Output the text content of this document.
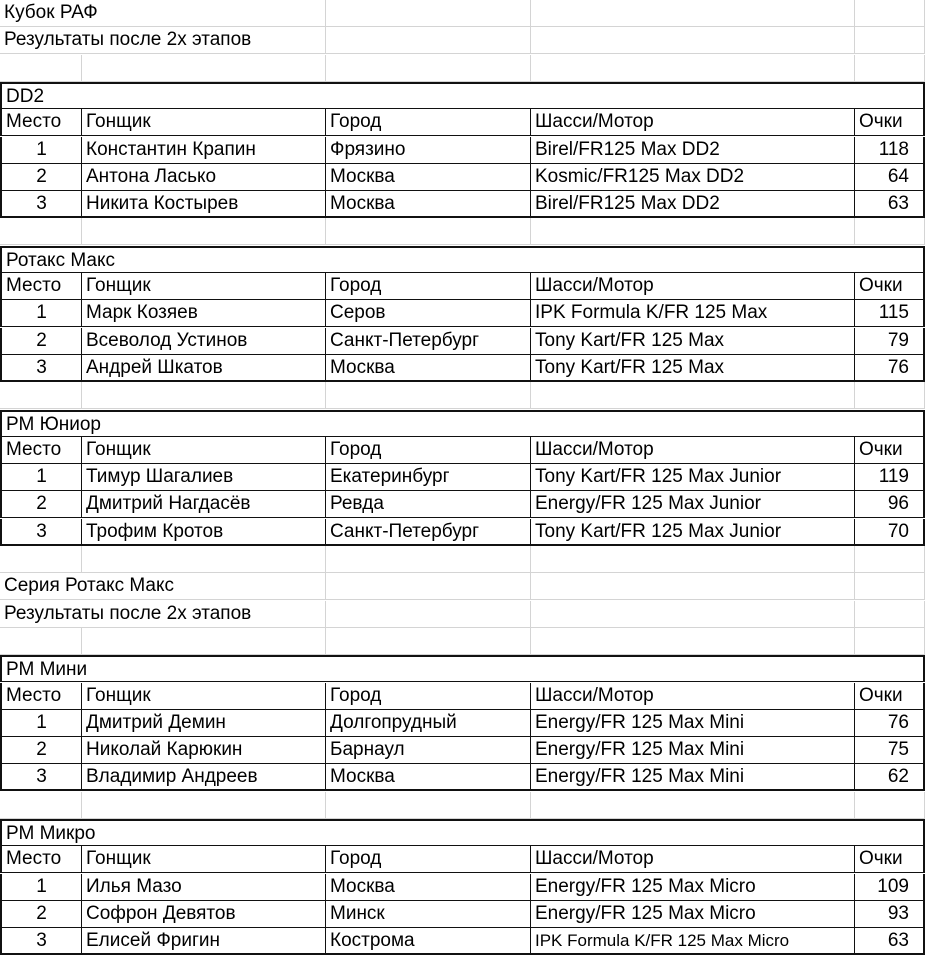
Кубок РАФ
Результаты после 2х этапов
DD2
Место	Гонщик	Город	Шасси/Мотор	Очки
1	Константин Крапин	Фрязино	Birel/FR125 Max DD2	118
2	Антона Ласько	Москва	Kosmic/FR125 Max DD2	64
3	Никита Костырев	Москва	Birel/FR125 Max DD2	63
Ротакс Макс
Место	Гонщик	Город	Шасси/Мотор	Очки
1	Марк Козяев	Серов	IPK Formula K/FR 125 Max	115
2	Всеволод Устинов	Санкт-Петербург	Tony Kart/FR 125 Max	79
3	Андрей Шкатов	Москва	Tony Kart/FR 125 Max	76
РМ Юниор
Место	Гонщик	Город	Шасси/Мотор	Очки
1	Тимур Шагалиев	Екатеринбург	Tony Kart/FR 125 Max Junior	119
2	Дмитрий Нагдасёв	Ревда	Energy/FR 125 Max Junior	96
3	Трофим Кротов	Санкт-Петербург	Tony Kart/FR 125 Max Junior	70
Серия Ротакс Макс
Результаты после 2х этапов
РМ Мини
Место	Гонщик	Город	Шасси/Мотор	Очки
1	Дмитрий Демин	Долгопрудный	Energy/FR 125 Max Mini	76
2	Николай Карюкин	Барнаул	Energy/FR 125 Max Mini	75
3	Владимир Андреев	Москва	Energy/FR 125 Max Mini	62
РМ Микро
Место	Гонщик	Город	Шасси/Мотор	Очки
1	Илья Мазо	Москва	Energy/FR 125 Max Micro	109
2	Софрон Девятов	Минск	Energy/FR 125 Max Micro	93
3	Елисей Фригин	Кострома	IPK Formula K/FR 125 Max Micro	63
